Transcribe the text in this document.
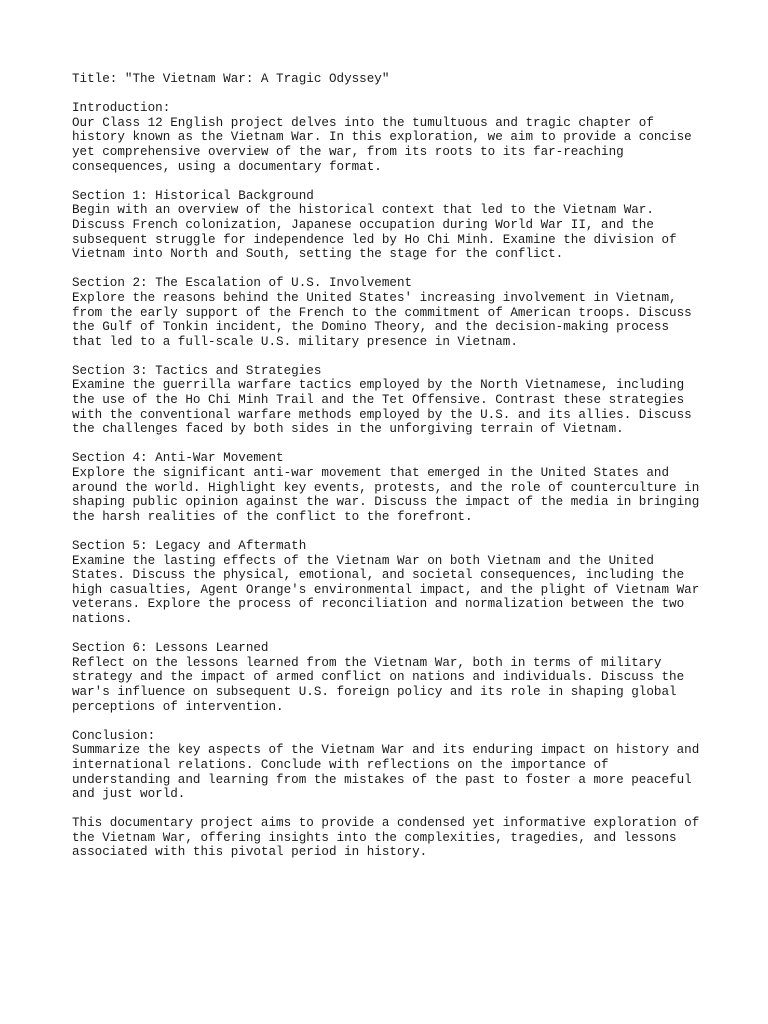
Title: "The Vietnam War: A Tragic Odyssey"
Introduction:
Our Class 12 English project delves into the tumultuous and tragic chapter of
history known as the Vietnam War. In this exploration, we aim to provide a concise
yet comprehensive overview of the war, from its roots to its far-reaching
consequences, using a documentary format.
Section 1: Historical Background
Begin with an overview of the historical context that led to the Vietnam War.
Discuss French colonization, Japanese occupation during World War II, and the
subsequent struggle for independence led by Ho Chi Minh. Examine the division of
Vietnam into North and South, setting the stage for the conflict.
Section 2: The Escalation of U.S. Involvement
Explore the reasons behind the United States' increasing involvement in Vietnam,
from the early support of the French to the commitment of American troops. Discuss
the Gulf of Tonkin incident, the Domino Theory, and the decision-making process
that led to a full-scale U.S. military presence in Vietnam.
Section 3: Tactics and Strategies
Examine the guerrilla warfare tactics employed by the North Vietnamese, including
the use of the Ho Chi Minh Trail and the Tet Offensive. Contrast these strategies
with the conventional warfare methods employed by the U.S. and its allies. Discuss
the challenges faced by both sides in the unforgiving terrain of Vietnam.
Section 4: Anti-War Movement
Explore the significant anti-war movement that emerged in the United States and
around the world. Highlight key events, protests, and the role of counterculture in
shaping public opinion against the war. Discuss the impact of the media in bringing
the harsh realities of the conflict to the forefront.
Section 5: Legacy and Aftermath
Examine the lasting effects of the Vietnam War on both Vietnam and the United
States. Discuss the physical, emotional, and societal consequences, including the
high casualties, Agent Orange's environmental impact, and the plight of Vietnam War
veterans. Explore the process of reconciliation and normalization between the two
nations.
Section 6: Lessons Learned
Reflect on the lessons learned from the Vietnam War, both in terms of military
strategy and the impact of armed conflict on nations and individuals. Discuss the
war's influence on subsequent U.S. foreign policy and its role in shaping global
perceptions of intervention.
Conclusion:
Summarize the key aspects of the Vietnam War and its enduring impact on history and
international relations. Conclude with reflections on the importance of
understanding and learning from the mistakes of the past to foster a more peaceful
and just world.
This documentary project aims to provide a condensed yet informative exploration of
the Vietnam War, offering insights into the complexities, tragedies, and lessons
associated with this pivotal period in history.
